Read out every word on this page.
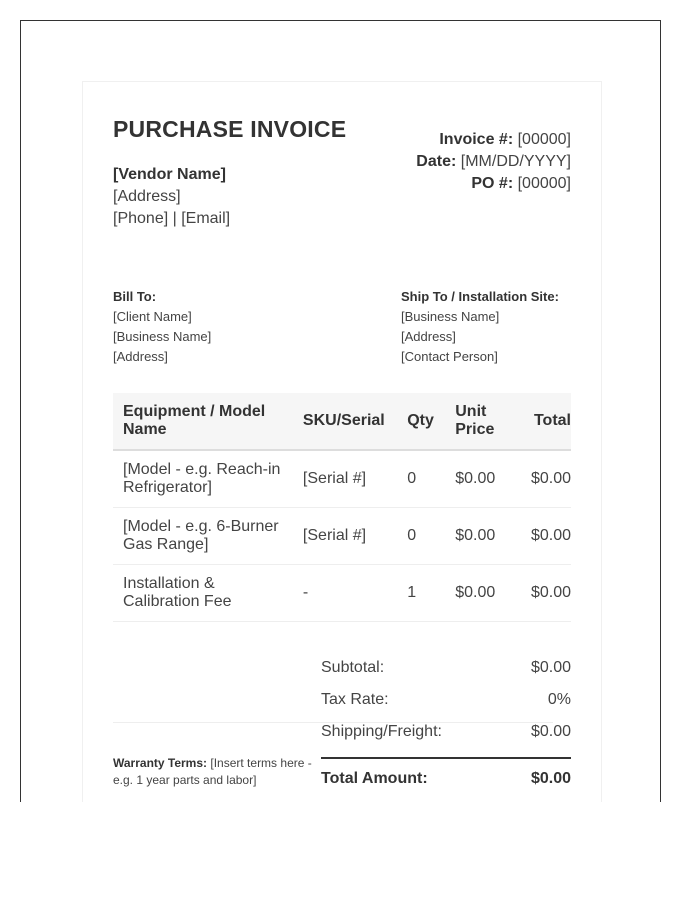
PURCHASE INVOICE
[Vendor Name]
[Address]
[Phone] | [Email]
Invoice #: [00000]
Date: [MM/DD/YYYY]
PO #: [00000]
Bill To:
[Client Name]
[Business Name]
[Address]
Ship To / Installation Site:
[Business Name]
[Address]
[Contact Person]
Equipment / Model Name	SKU/Serial	Qty	Unit Price	Total
[Model - e.g. Reach-in Refrigerator]	[Serial #]	0	$0.00	$0.00
[Model - e.g. 6-Burner Gas Range]	[Serial #]	0	$0.00	$0.00
Installation & Calibration Fee	-	1	$0.00	$0.00
Subtotal:	$0.00
Tax Rate:	0%
Shipping/Freight:	$0.00
Total Amount:	$0.00
Warranty Terms: [Insert terms here - e.g. 1 year parts and labor]
